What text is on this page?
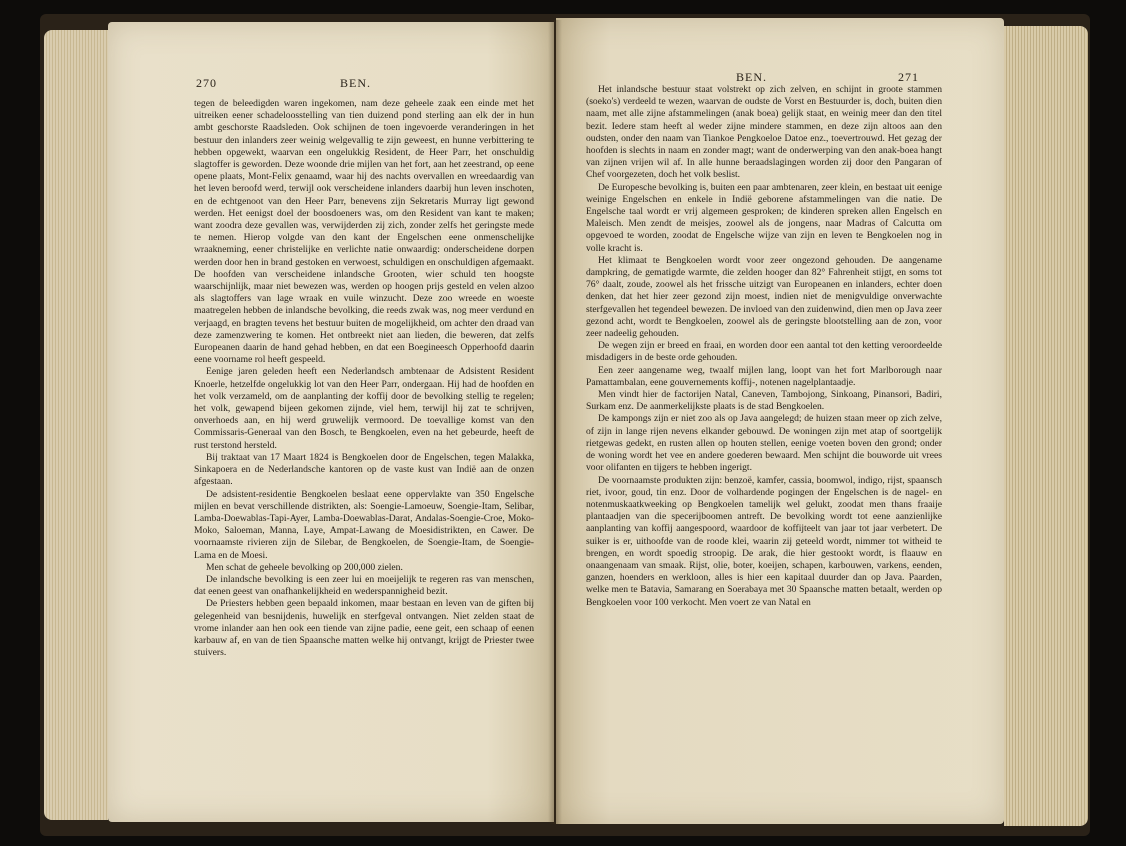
270	BEN.

tegen de beleedigden waren ingekomen, nam deze geheele zaak een einde met het uitreiken eener schadeloosstelling van tien duizend pond sterling aan elk der in hun ambt geschorste Raadsleden. Ook schijnen de toen ingevoerde veranderingen in het bestuur den inlanders zeer weinig welgevallig te zijn geweest, en hunne verbittering te hebben opgewekt, waarvan een ongelukkig Resident, de Heer Parr, het onschuldig slagtoffer is geworden. Deze woonde drie mijlen van het fort, aan het zeestrand, op eene opene plaats, Mont-Felix genaamd, waar hij des nachts overvallen en wreedaardig van het leven beroofd werd, terwijl ook verscheidene inlanders daarbij hun leven inschoten, en de echtgenoot van den Heer Parr, benevens zijn Sekretaris Murray ligt gewond werden. Het eenigst doel der boosdoeners was, om den Resident van kant te maken; want zoodra deze gevallen was, verwijderden zij zich, zonder zelfs het geringste mede te nemen. Hierop volgde van den kant der Engelschen eene onmenschelijke wraakneming, eener christelijke en verlichte natie onwaardig: onderscheidene dorpen werden door hen in brand gestoken en verwoest, schuldigen en onschuldigen afgemaakt. De hoofden van verscheidene inlandsche Grooten, wier schuld ten hoogste waarschijnlijk, maar niet bewezen was, werden op hoogen prijs gesteld en velen alzoo als slagtoffers van lage wraak en vuile winzucht. Deze zoo wreede en woeste maatregelen hebben de inlandsche bevolking, die reeds zwak was, nog meer verdund en verjaagd, en bragten tevens het bestuur buiten de mogelijkheid, om achter den draad van deze zamenzwering te komen. Het ontbreekt niet aan lieden, die beweren, dat zelfs Europeanen daarin de hand gehad hebben, en dat een Boegineesch Opperhoofd daarin eene voorname rol heeft gespeeld.

Eenige jaren geleden heeft een Nederlandsch ambtenaar de Adsistent Resident Knoerle, hetzelfde ongelukkig lot van den Heer Parr, ondergaan. Hij had de hoofden en het volk verzameld, om de aanplanting der koffij door de bevolking stellig te regelen; het volk, gewapend bijeen gekomen zijnde, viel hem, terwijl hij zat te schrijven, onverhoeds aan, en hij werd gruwelijk vermoord. De toevallige komst van den Commissaris-Generaal van den Bosch, te Bengkoelen, even na het gebeurde, heeft de rust terstond hersteld.

Bij traktaat van 17 Maart 1824 is Bengkoelen door de Engelschen, tegen Malakka, Sinkapoera en de Nederlandsche kantoren op de vaste kust van Indië aan de onzen afgestaan.

De adsistent-residentie Bengkoelen beslaat eene oppervlakte van 350 Engelsche mijlen en bevat verschillende distrikten, als: Soengie-Lamoeuw, Soengie-Itam, Selibar, Lamba-Doewablas-Tapi-Ayer, Lamba-Doewablas-Darat, Andalas-Soengie-Croe, Moko-Moko, Saloeman, Manna, Laye, Ampat-Lawang de Moesidistrikten, en Cawer. De voornaamste rivieren zijn de Silebar, de Bengkoelen, de Soengie-Itam, de Soengie-Lama en de Moesi.

Men schat de geheele bevolking op 200,000 zielen.

De inlandsche bevolking is een zeer lui en moeijelijk te regeren ras van menschen, dat eenen geest van onafhankelijkheid en wederspannigheid bezit.

De Priesters hebben geen bepaald inkomen, maar bestaan en leven van de giften bij gelegenheid van besnijdenis, huwelijk en sterfgeval ontvangen. Niet zelden staat de vrome inlander aan hen ook een tiende van zijne padie, eene geit, een schaap of eenen karbauw af, en van de tien Spaansche matten welke hij ontvangt, krijgt de Priester twee stuivers.

BEN.	271

Het inlandsche bestuur staat volstrekt op zich zelven, en schijnt in groote stammen (soeko's) verdeeld te wezen, waarvan de oudste de Vorst en Bestuurder is, doch, buiten dien naam, met alle zijne afstammelingen (anak boea) gelijk staat, en weinig meer dan den titel bezit. Iedere stam heeft al weder zijne mindere stammen, en deze zijn altoos aan den oudsten, onder den naam van Tiankoe Pengkoeloe Datoe enz., toevertrouwd. Het gezag der hoofden is slechts in naam en zonder magt; want de onderwerping van den anak-boea hangt van zijnen vrijen wil af. In alle hunne beraadslagingen worden zij door den Pangaran of Chef voorgezeten, doch het volk beslist.

De Europesche bevolking is, buiten een paar ambtenaren, zeer klein, en bestaat uit eenige weinige Engelschen en enkele in Indië geborene afstammelingen van die natie. De Engelsche taal wordt er vrij algemeen gesproken; de kinderen spreken allen Engelsch en Maleisch. Men zendt de meisjes, zoowel als de jongens, naar Madras of Calcutta om opgevoed te worden, zoodat de Engelsche wijze van zijn en leven te Bengkoelen nog in volle kracht is.

Het klimaat te Bengkoelen wordt voor zeer ongezond gehouden. De aangename dampkring, de gematigde warmte, die zelden hooger dan 82° Fahrenheit stijgt, en soms tot 76° daalt, zoude, zoowel als het frissche uitzigt van Europeanen en inlanders, echter doen denken, dat het hier zeer gezond zijn moest, indien niet de menigvuldige onverwachte sterfgevallen het tegendeel bewezen. De invloed van den zuidenwind, dien men op Java zeer gezond acht, wordt te Bengkoelen, zoowel als de geringste blootstelling aan de zon, voor zeer nadeelig gehouden.

De wegen zijn er breed en fraai, en worden door een aantal tot den ketting veroordeelde misdadigers in de beste orde gehouden.

Een zeer aangename weg, twaalf mijlen lang, loopt van het fort Marlborough naar Pamattambalan, eene gouvernements koffij-, notenen nagelplantaadje.

Men vindt hier de factorijen Natal, Caneven, Tambojong, Sinkoang, Pinansori, Badiri, Surkam enz. De aanmerkelijkste plaats is de stad Bengkoelen.

De kampongs zijn er niet zoo als op Java aangelegd; de huizen staan meer op zich zelve, of zijn in lange rijen nevens elkander gebouwd. De woningen zijn met atap of soortgelijk rietgewas gedekt, en rusten allen op houten stellen, eenige voeten boven den grond; onder de woning wordt het vee en andere goederen bewaard. Men schijnt die bouworde uit vrees voor olifanten en tijgers te hebben ingerigt.

De voornaamste produkten zijn: benzoë, kamfer, cassia, boomwol, indigo, rijst, spaansch riet, ivoor, goud, tin enz. Door de volhardende pogingen der Engelschen is de nagel- en notenmuskaatkweeking op Bengkoelen tamelijk wel gelukt, zoodat men thans fraaije plantaadjen van die specerijboomen antreft. De bevolking wordt tot eene aanzienlijke aanplanting van koffij aangespoord, waardoor de koffijteelt van jaar tot jaar verbetert. De suiker is er, uithoofde van de roode klei, waarin zij geteeld wordt, nimmer tot witheid te brengen, en wordt spoedig stroopig. De arak, die hier gestookt wordt, is flaauw en onaangenaam van smaak. Rijst, olie, boter, koeijen, schapen, karbouwen, varkens, eenden, ganzen, hoenders en werkloon, alles is hier een kapitaal duurder dan op Java. Paarden, welke men te Batavia, Samarang en Soerabaya met 30 Spaansche matten betaalt, werden op Bengkoelen voor 100 verkocht. Men voert ze van Natal en
